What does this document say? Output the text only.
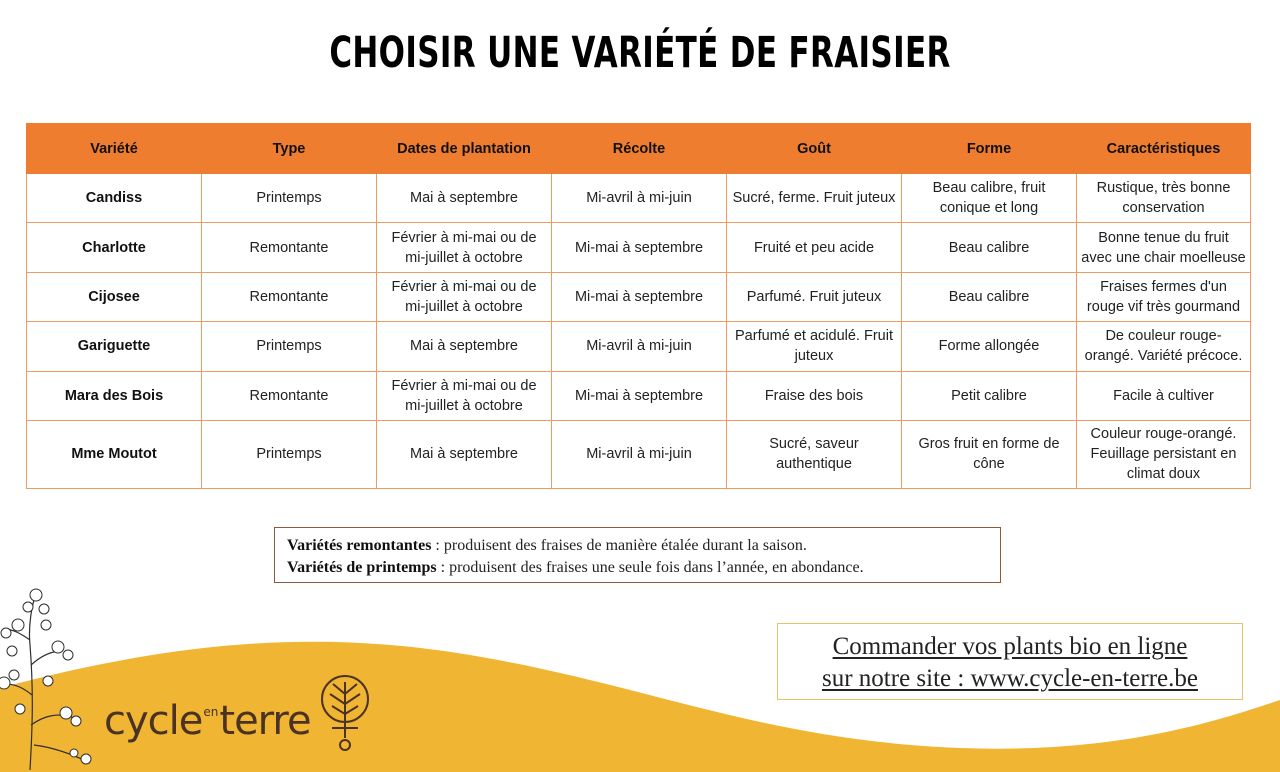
CHOISIR UNE VARIÉTÉ DE FRAISIER
Variété	Type	Dates de plantation	Récolte	Goût	Forme	Caractéristiques
Candiss	Printemps	Mai à septembre	Mi-avril à mi-juin	Sucré, ferme. Fruit juteux	Beau calibre, fruit conique et long	Rustique, très bonne conservation
Charlotte	Remontante	Février à mi-mai ou de mi-juillet à octobre	Mi-mai à septembre	Fruité et peu acide	Beau calibre	Bonne tenue du fruit avec une chair moelleuse
Cijosee	Remontante	Février à mi-mai ou de mi-juillet à octobre	Mi-mai à septembre	Parfumé. Fruit juteux	Beau calibre	Fraises fermes d'un rouge vif très gourmand
Gariguette	Printemps	Mai à septembre	Mi-avril à mi-juin	Parfumé et acidulé. Fruit juteux	Forme allongée	De couleur rouge-orangé. Variété précoce.
Mara des Bois	Remontante	Février à mi-mai ou de mi-juillet à octobre	Mi-mai à septembre	Fraise des bois	Petit calibre	Facile à cultiver
Mme Moutot	Printemps	Mai à septembre	Mi-avril à mi-juin	Sucré, saveur authentique	Gros fruit en forme de cône	Couleur rouge-orangé. Feuillage persistant en climat doux
Variétés remontantes : produisent des fraises de manière étalée durant la saison.
Variétés de printemps : produisent des fraises une seule fois dans l’année, en abondance.
Commander vos plants bio en ligne
sur notre site : www.cycle-en-terre.be
cycle$^{en}$terre
